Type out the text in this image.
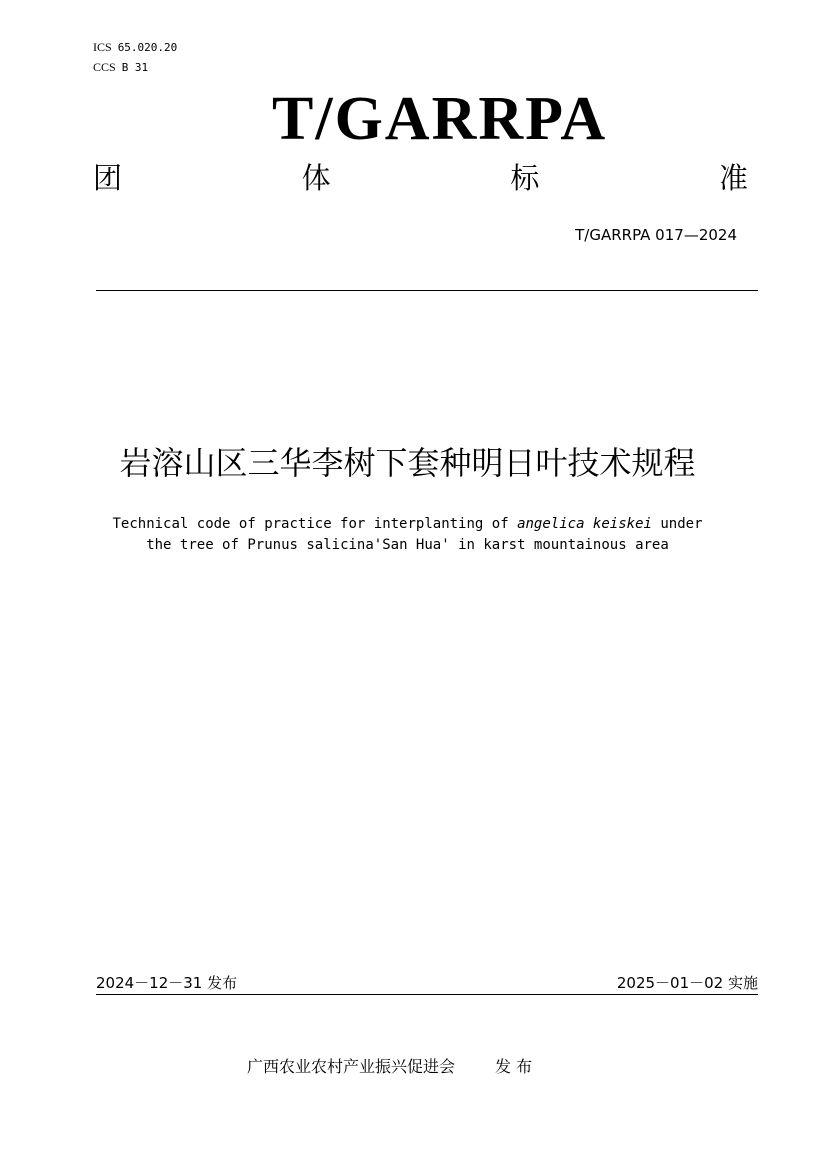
ICS 65.020.20
CCS B 31
T/GARRPA
团	体	标	准
T/GARRPA 017—2024
岩溶山区三华李树下套种明日叶技术规程
Technical code of practice for interplanting of angelica keiskei under
the tree of Prunus salicina'San Hua' in karst mountainous area
2024－12－31 发布	2025－01－02 实施
广西农业农村产业振兴促进会	发 布
